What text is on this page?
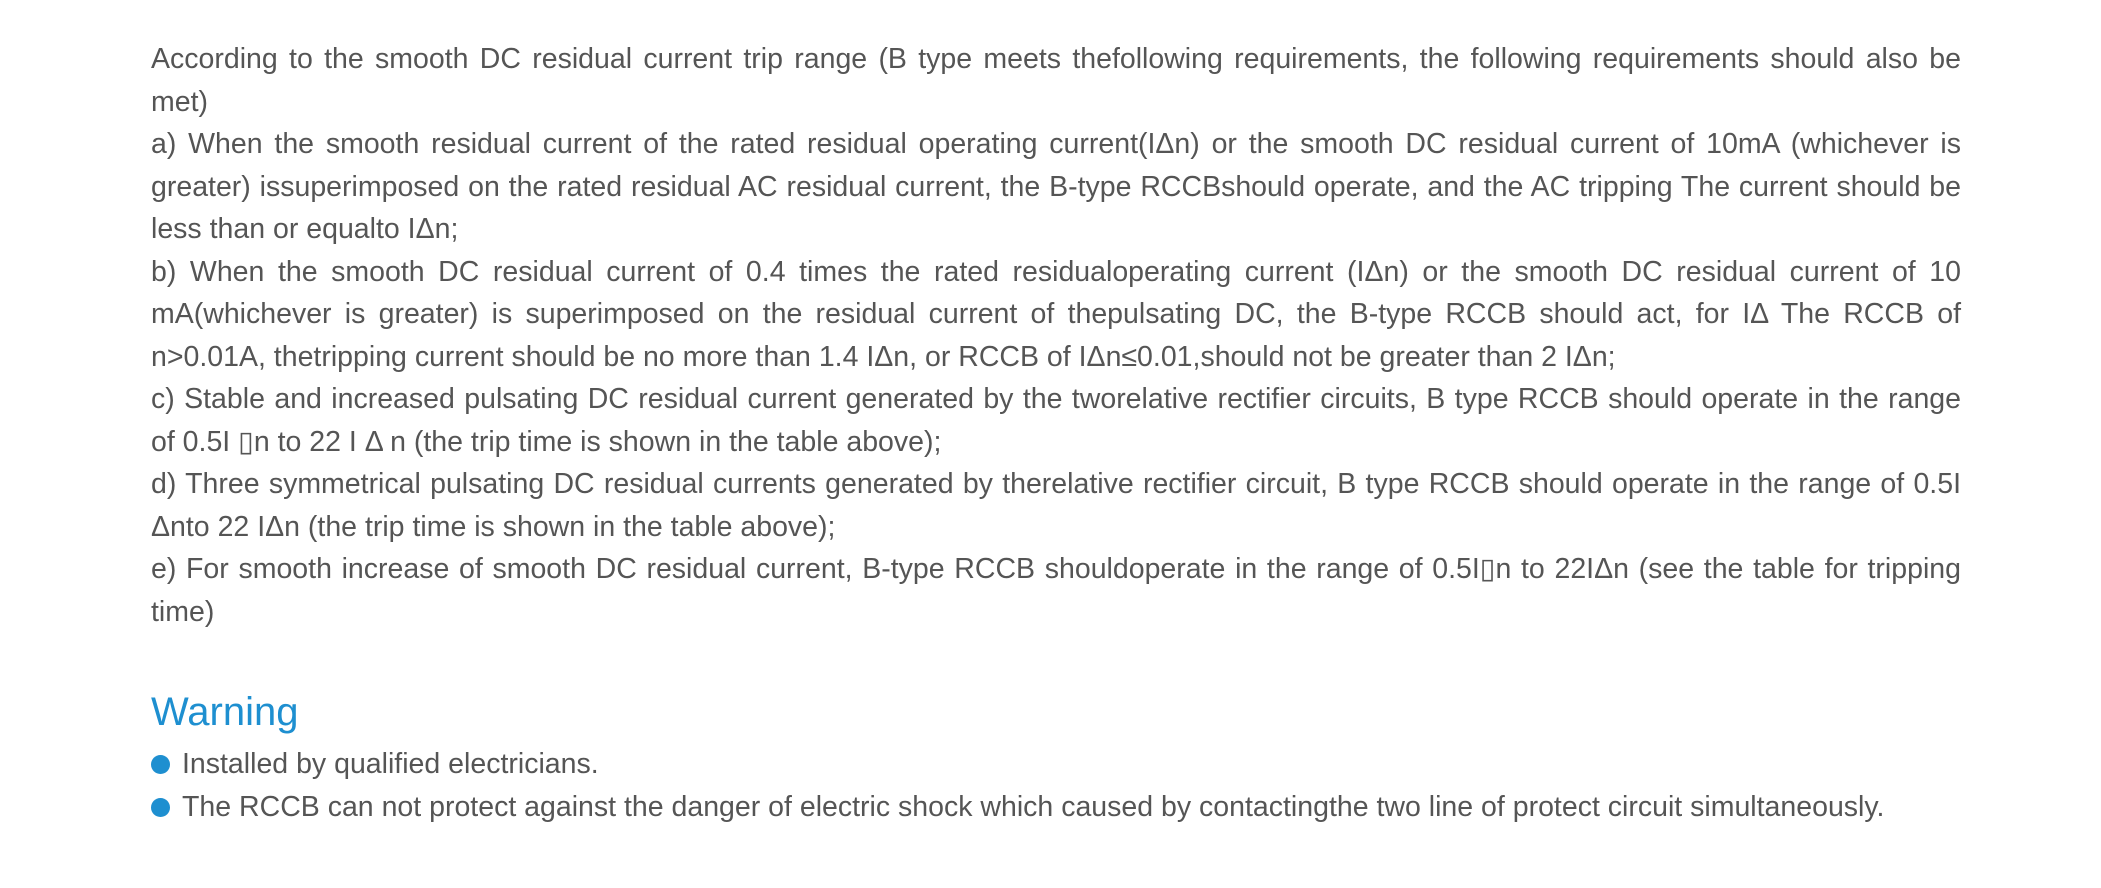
According to the smooth DC residual current trip range (B type meets thefollowing requirements, the following requirements should also be met)

a) When the smooth residual current of the rated residual operating current(IΔn) or the smooth DC residual current of 10mA (whichever is greater) issuperimposed on the rated residual AC residual current, the B-type RCCBshould operate, and the AC tripping The current should be less than or equalto IΔn;

b) When the smooth DC residual current of 0.4 times the rated residualoperating current (IΔn) or the smooth DC residual current of 10 mA(whichever is greater) is superimposed on the residual current of thepulsating DC, the B-type RCCB should act, for IΔ The RCCB of n>0.01A, thetripping current should be no more than 1.4 IΔn, or RCCB of IΔn≤0.01,should not be greater than 2 IΔn;

c) Stable and increased pulsating DC residual current generated by the tworelative rectifier circuits, B type RCCB should operate in the range of 0.5I ▯n to 22 I Δ n (the trip time is shown in the table above);

d) Three symmetrical pulsating DC residual currents generated by therelative rectifier circuit, B type RCCB should operate in the range of 0.5I Δnto 22 IΔn (the trip time is shown in the table above);

e) For smooth increase of smooth DC residual current, B-type RCCB shouldoperate in the range of 0.5I▯n to 22IΔn (see the table for tripping time)

Warning
Installed by qualified electricians.
The RCCB can not protect against the danger of electric shock which caused by contactingthe two line of protect circuit simultaneously.
